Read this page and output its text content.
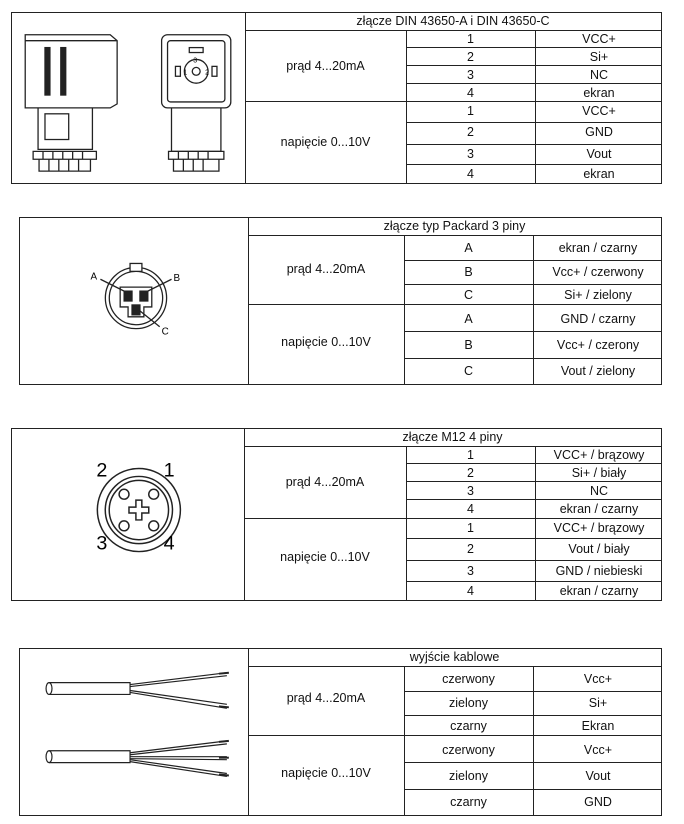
1	2
3
złącze DIN 43650-A i DIN 43650-C
prąd 4...20mA
napięcie 0...10V
1	VCC+
2	Si+
3	NC
4	ekran
1	VCC+
2	GND
3	Vout
4	ekran
A	B
C
złącze typ Packard 3 piny
prąd 4...20mA
napięcie 0...10V
A	ekran / czarny
B	Vcc+ / czerwony
C	Si+ / zielony
A	GND / czarny
B	Vcc+ / czerony
C	Vout / zielony
2	1
3	4
złącze M12 4 piny
prąd 4...20mA
napięcie 0...10V
1	VCC+ / brązowy
2	Si+ / biały
3	NC
4	ekran / czarny
1	VCC+ / brązowy
2	Vout / biały
3	GND / niebieski
4	ekran / czarny
wyjście kablowe
prąd 4...20mA
napięcie 0...10V
czerwony	Vcc+
zielony	Si+
czarny	Ekran
czerwony	Vcc+
zielony	Vout
czarny	GND
